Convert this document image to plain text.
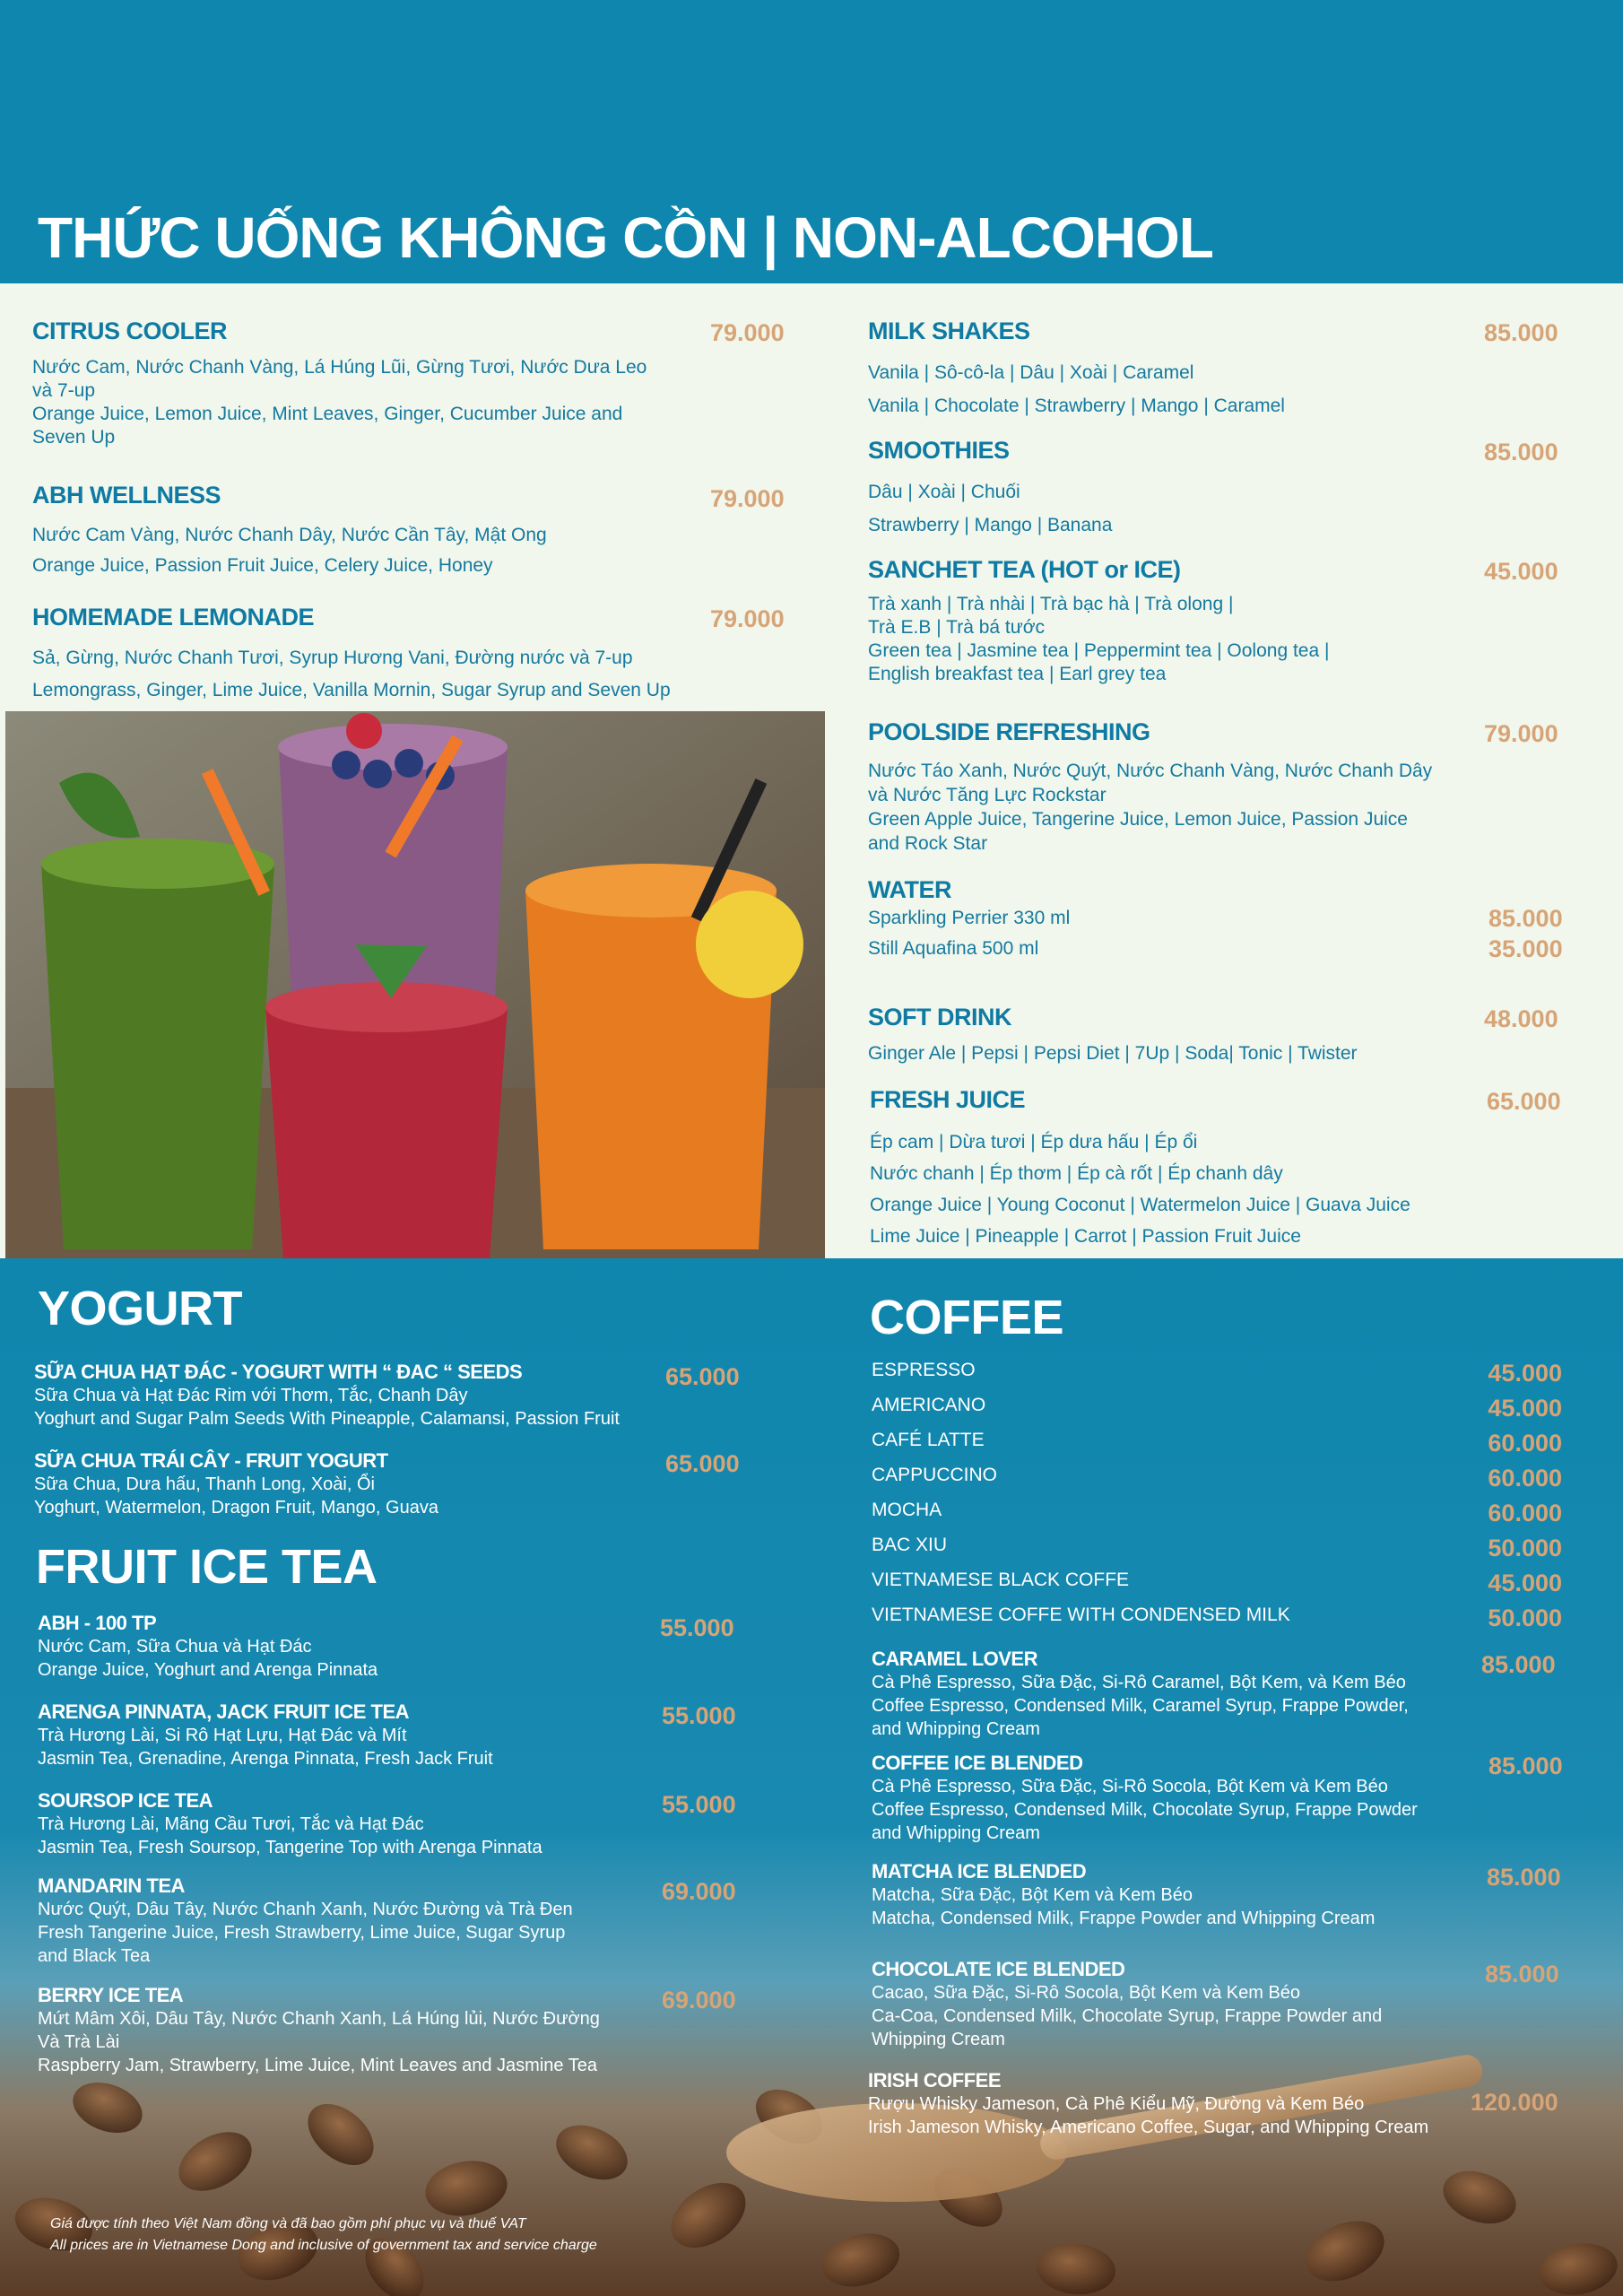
THỨC UỐNG KHÔNG CỒN | NON-ALCOHOL
CITRUS COOLER
Nước Cam, Nước Chanh Vàng, Lá Húng Lũi, Gừng Tươi, Nước Dưa Leo
và 7-up
Orange Juice, Lemon Juice, Mint Leaves, Ginger, Cucumber Juice and
Seven Up
79.000
ABH WELLNESS
Nước Cam Vàng, Nước Chanh Dây, Nước Cần Tây, Mật Ong
Orange Juice, Passion Fruit Juice, Celery Juice, Honey
79.000
HOMEMADE LEMONADE
Sả, Gừng, Nước Chanh Tươi, Syrup Hương Vani, Đường nước và 7-up
Lemongrass, Ginger, Lime Juice, Vanilla Mornin, Sugar Syrup and Seven Up
79.000
MILK SHAKES
Vanila | Sô-cô-la | Dâu | Xoài | Caramel
Vanila | Chocolate | Strawberry | Mango | Caramel
85.000
SMOOTHIES
Dâu | Xoài | Chuối
Strawberry | Mango | Banana
85.000
SANCHET TEA (HOT or ICE)
Trà xanh | Trà nhài | Trà bạc hà | Trà olong |
Trà E.B | Trà bá tước
Green tea | Jasmine tea | Peppermint tea | Oolong tea |
English breakfast tea | Earl grey tea
45.000
POOLSIDE REFRESHING
Nước Táo Xanh, Nước Quýt, Nước Chanh Vàng, Nước Chanh Dây
và Nước Tăng Lực Rockstar
Green Apple Juice, Tangerine Juice, Lemon Juice, Passion Juice
and Rock Star
79.000
WATER
Sparkling Perrier 330 ml	85.000
Still Aquafina 500 ml	35.000
SOFT DRINK
Ginger Ale | Pepsi | Pepsi Diet | 7Up | Soda| Tonic | Twister
48.000
FRESH JUICE
Ép cam | Dừa tươi | Ép dưa hấu | Ép ổi
Nước chanh | Ép thơm | Ép cà rốt | Ép chanh dây
Orange Juice | Young Coconut | Watermelon Juice | Guava Juice
Lime Juice | Pineapple | Carrot | Passion Fruit Juice
65.000
YOGURT
SỮA CHUA HẠT ĐÁC - YOGURT WITH “ ĐAC “ SEEDS
Sữa Chua và Hạt Đác Rim với Thơm, Tắc, Chanh Dây
Yoghurt and Sugar Palm Seeds With Pineapple, Calamansi, Passion Fruit
65.000
SỮA CHUA TRÁI CÂY - FRUIT YOGURT
Sữa Chua, Dưa hấu, Thanh Long, Xoài, Ổi
Yoghurt, Watermelon, Dragon Fruit, Mango, Guava
65.000
FRUIT ICE TEA
ABH - 100 TP
Nước Cam, Sữa Chua và Hạt Đác
Orange Juice, Yoghurt and Arenga Pinnata
55.000
ARENGA PINNATA, JACK FRUIT ICE TEA
Trà Hương Lài, Si Rô Hạt Lựu, Hạt Đác và Mít
Jasmin Tea, Grenadine, Arenga Pinnata, Fresh Jack Fruit
55.000
SOURSOP ICE TEA
Trà Hương Lài, Mãng Cầu Tươi, Tắc và Hạt Đác
Jasmin Tea, Fresh Soursop, Tangerine Top with Arenga Pinnata
55.000
MANDARIN TEA
Nước Quýt, Dâu Tây, Nước Chanh Xanh, Nước Đường và Trà Đen
Fresh Tangerine Juice, Fresh Strawberry, Lime Juice, Sugar Syrup
and Black Tea
69.000
BERRY ICE TEA
Mứt Mâm Xôi, Dâu Tây, Nước Chanh Xanh, Lá Húng lủi, Nước Đường
Và Trà Lài
Raspberry Jam, Strawberry, Lime Juice, Mint Leaves and Jasmine Tea
69.000
COFFEE
ESPRESSO	45.000
AMERICANO	45.000
CAFÉ LATTE	60.000
CAPPUCCINO	60.000
MOCHA	60.000
BAC XIU	50.000
VIETNAMESE BLACK COFFE	45.000
VIETNAMESE COFFE WITH CONDENSED MILK	50.000
CARAMEL LOVER
Cà Phê Espresso, Sữa Đặc, Si-Rô Caramel, Bột Kem, và Kem Béo
Coffee Espresso, Condensed Milk, Caramel Syrup, Frappe Powder,
and Whipping Cream
85.000
COFFEE ICE BLENDED
Cà Phê Espresso, Sữa Đặc, Si-Rô Socola, Bột Kem và Kem Béo
Coffee Espresso, Condensed Milk, Chocolate Syrup, Frappe Powder
and Whipping Cream
85.000
MATCHA ICE BLENDED
Matcha, Sữa Đặc, Bột Kem và Kem Béo
Matcha, Condensed Milk, Frappe Powder and Whipping Cream
85.000
CHOCOLATE ICE BLENDED
Cacao, Sữa Đặc, Si-Rô Socola, Bột Kem và Kem Béo
Ca-Coa, Condensed Milk, Chocolate Syrup, Frappe Powder and
Whipping Cream
85.000
IRISH COFFEE
Rượu Whisky Jameson, Cà Phê Kiểu Mỹ, Đường và Kem Béo
Irish Jameson Whisky, Americano Coffee, Sugar, and Whipping Cream
120.000
Giá được tính theo Việt Nam đồng và đã bao gồm phí phục vụ và thuế VAT
All prices are in Vietnamese Dong and inclusive of government tax and service charge
